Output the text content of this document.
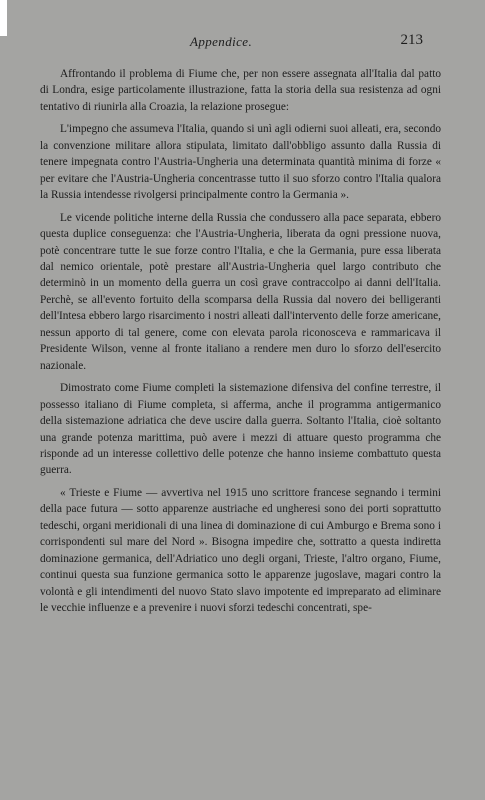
Appendice.	213

Affrontando il problema di Fiume che, per non essere assegnata all'Italia dal patto di Londra, esige particolamente illustrazione, fatta la storia della sua resistenza ad ogni tentativo di riunirla alla Croazia, la relazione prosegue:

L'impegno che assumeva l'Italia, quando si unì agli odierni suoi alleati, era, secondo la convenzione militare allora stipulata, limitato dall'obbligo assunto dalla Russia di tenere impegnata contro l'Austria-Ungheria una determinata quantità minima di forze « per evitare che l'Austria-Ungheria concentrasse tutto il suo sforzo contro l'Italia qualora la Russia intendesse rivolgersi principalmente contro la Germania ».

Le vicende politiche interne della Russia che condussero alla pace separata, ebbero questa duplice conseguenza: che l'Austria-Ungheria, liberata da ogni pressione nuova, potè concentrare tutte le sue forze contro l'Italia, e che la Germania, pure essa liberata dal nemico orientale, potè prestare all'Austria-Ungheria quel largo contributo che determinò in un momento della guerra un così grave contraccolpo ai danni dell'Italia. Perchè, se all'evento fortuito della scomparsa della Russia dal novero dei belligeranti dell'Intesa ebbero largo risarcimento i nostri alleati dall'intervento delle forze americane, nessun apporto di tal genere, come con elevata parola riconosceva e rammaricava il Presidente Wilson, venne al fronte italiano a rendere men duro lo sforzo dell'esercito nazionale.

Dimostrato come Fiume completi la sistemazione difensiva del confine terrestre, il possesso italiano di Fiume completa, si afferma, anche il programma antigermanico della sistemazione adriatica che deve uscire dalla guerra. Soltanto l'Italia, cioè soltanto una grande potenza marittima, può avere i mezzi di attuare questo programma che risponde ad un interesse collettivo delle potenze che hanno insieme combattuto questa guerra.

« Trieste e Fiume — avvertiva nel 1915 uno scrittore francese segnando i termini della pace futura — sotto apparenze austriache ed ungheresi sono dei porti soprattutto tedeschi, organi meridionali di una linea di dominazione di cui Amburgo e Brema sono i corrispondenti sul mare del Nord ». Bisogna impedire che, sottratto a questa indiretta dominazione germanica, dell'Adriatico uno degli organi, Trieste, l'altro organo, Fiume, continui questa sua funzione germanica sotto le apparenze jugoslave, magari contro la volontà e gli intendimenti del nuovo Stato slavo impotente ed impreparato ad eliminare le vecchie influenze e a prevenire i nuovi sforzi tedeschi concentrati, spe-
